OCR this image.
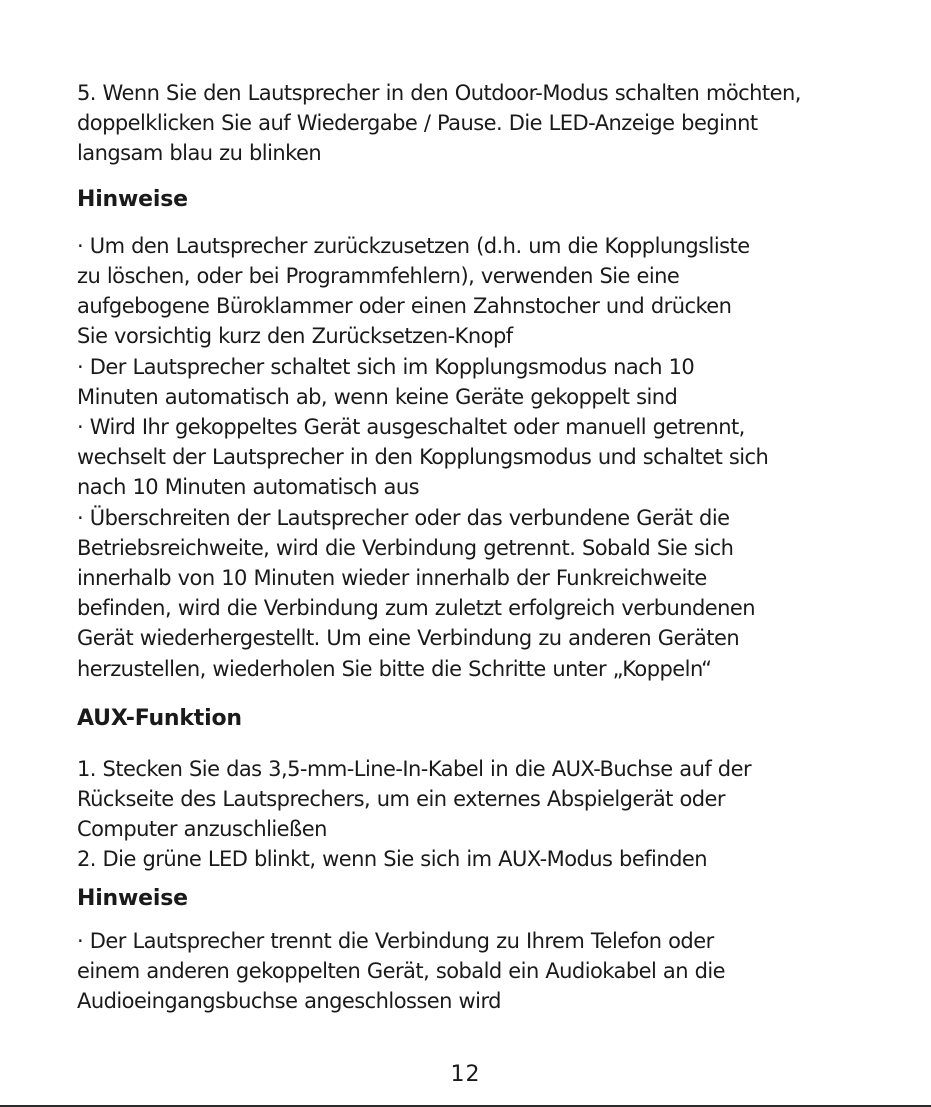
5. Wenn Sie den Lautsprecher in den Outdoor-Modus schalten möchten,
doppelklicken Sie auf Wiedergabe / Pause. Die LED-Anzeige beginnt
langsam blau zu blinken
Hinweise
· Um den Lautsprecher zurückzusetzen (d.h. um die Kopplungsliste
zu löschen, oder bei Programmfehlern), verwenden Sie eine
aufgebogene Büroklammer oder einen Zahnstocher und drücken
Sie vorsichtig kurz den Zurücksetzen-Knopf
· Der Lautsprecher schaltet sich im Kopplungsmodus nach 10
Minuten automatisch ab, wenn keine Geräte gekoppelt sind
· Wird Ihr gekoppeltes Gerät ausgeschaltet oder manuell getrennt,
wechselt der Lautsprecher in den Kopplungsmodus und schaltet sich
nach 10 Minuten automatisch aus
· Überschreiten der Lautsprecher oder das verbundene Gerät die
Betriebsreichweite, wird die Verbindung getrennt. Sobald Sie sich
innerhalb von 10 Minuten wieder innerhalb der Funkreichweite
befinden, wird die Verbindung zum zuletzt erfolgreich verbundenen
Gerät wiederhergestellt. Um eine Verbindung zu anderen Geräten
herzustellen, wiederholen Sie bitte die Schritte unter „Koppeln“
AUX-Funktion
1. Stecken Sie das 3,5-mm-Line-In-Kabel in die AUX-Buchse auf der
Rückseite des Lautsprechers, um ein externes Abspielgerät oder
Computer anzuschließen
2. Die grüne LED blinkt, wenn Sie sich im AUX-Modus befinden
Hinweise
· Der Lautsprecher trennt die Verbindung zu Ihrem Telefon oder
einem anderen gekoppelten Gerät, sobald ein Audiokabel an die
Audioeingangsbuchse angeschlossen wird
12
